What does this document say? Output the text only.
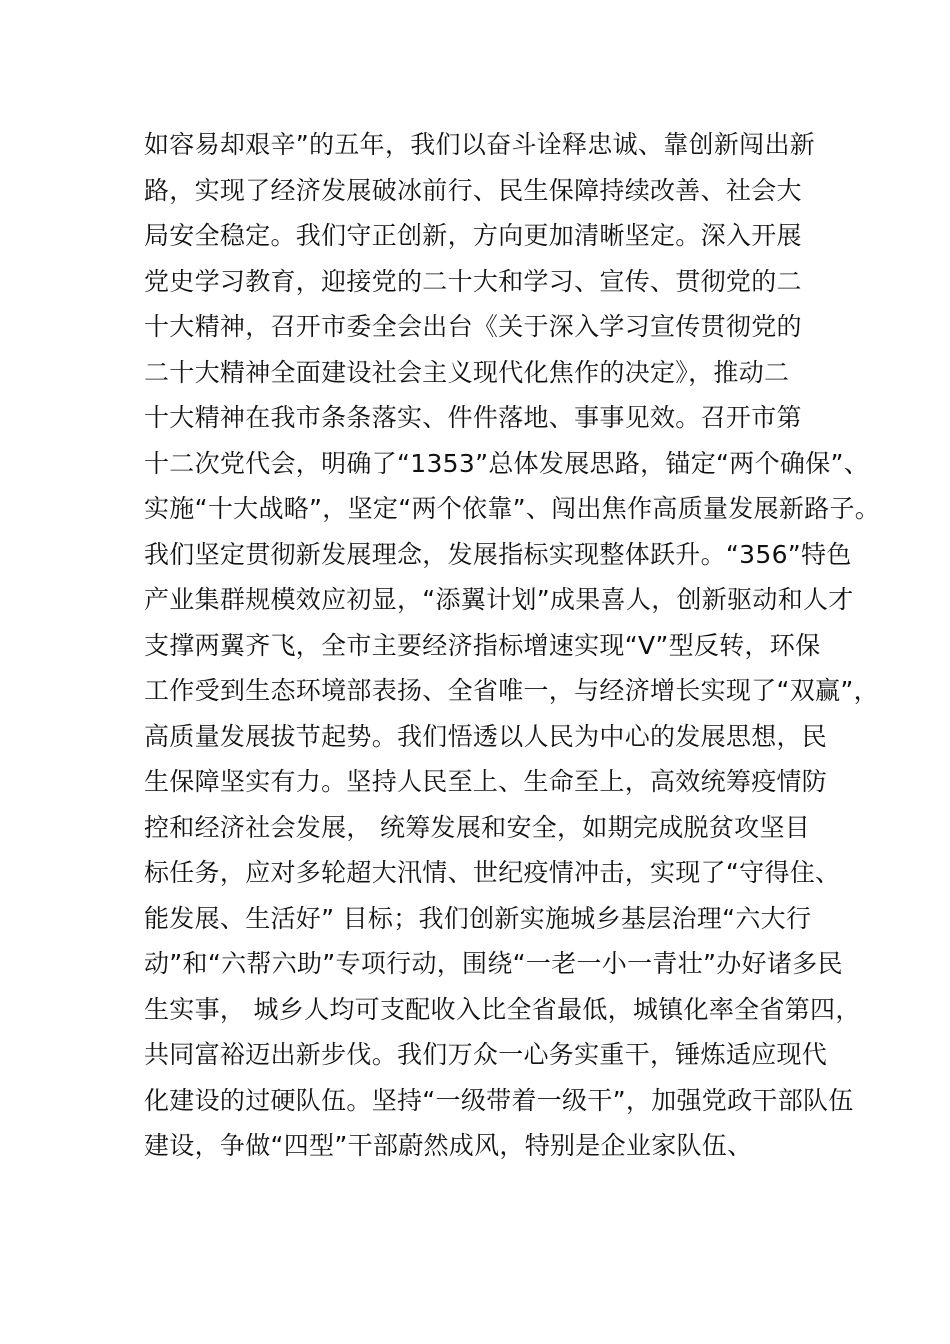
如容易却艰辛”的五年，我们以奋斗诠释忠诚、靠创新闯出新
路，实现了经济发展破冰前行、民生保障持续改善、社会大
局安全稳定。我们守正创新，方向更加清晰坚定。深入开展
党史学习教育，迎接党的二十大和学习、宣传、贯彻党的二
十大精神，召开市委全会出台《关于深入学习宣传贯彻党的
二十大精神全面建设社会主义现代化焦作的决定》，推动二
十大精神在我市条条落实、件件落地、事事见效。召开市第
十二次党代会，明确了“1353”总体发展思路，锚定“两个确保”、
实施“十大战略”，坚定“两个依靠”、闯出焦作高质量发展新路子。
我们坚定贯彻新发展理念，发展指标实现整体跃升。“356”特色
产业集群规模效应初显，“添翼计划”成果喜人，创新驱动和人才
支撑两翼齐飞，全市主要经济指标增速实现“V”型反转，环保
工作受到生态环境部表扬、全省唯一，与经济增长实现了“双赢”，
高质量发展拔节起势。我们悟透以人民为中心的发展思想，民
生保障坚实有力。坚持人民至上、生命至上，高效统筹疫情防
控和经济社会发展， 统筹发展和安全，如期完成脱贫攻坚目
标任务，应对多轮超大汛情、世纪疫情冲击，实现了“守得住、
能发展、生活好” 目标；我们创新实施城乡基层治理“六大行
动”和“六帮六助”专项行动，围绕“一老一小一青壮”办好诸多民
生实事， 城乡人均可支配收入比全省最低，城镇化率全省第四，
共同富裕迈出新步伐。我们万众一心务实重干，锤炼适应现代
化建设的过硬队伍。坚持“一级带着一级干”，加强党政干部队伍
建设，争做“四型”干部蔚然成风，特别是企业家队伍、
